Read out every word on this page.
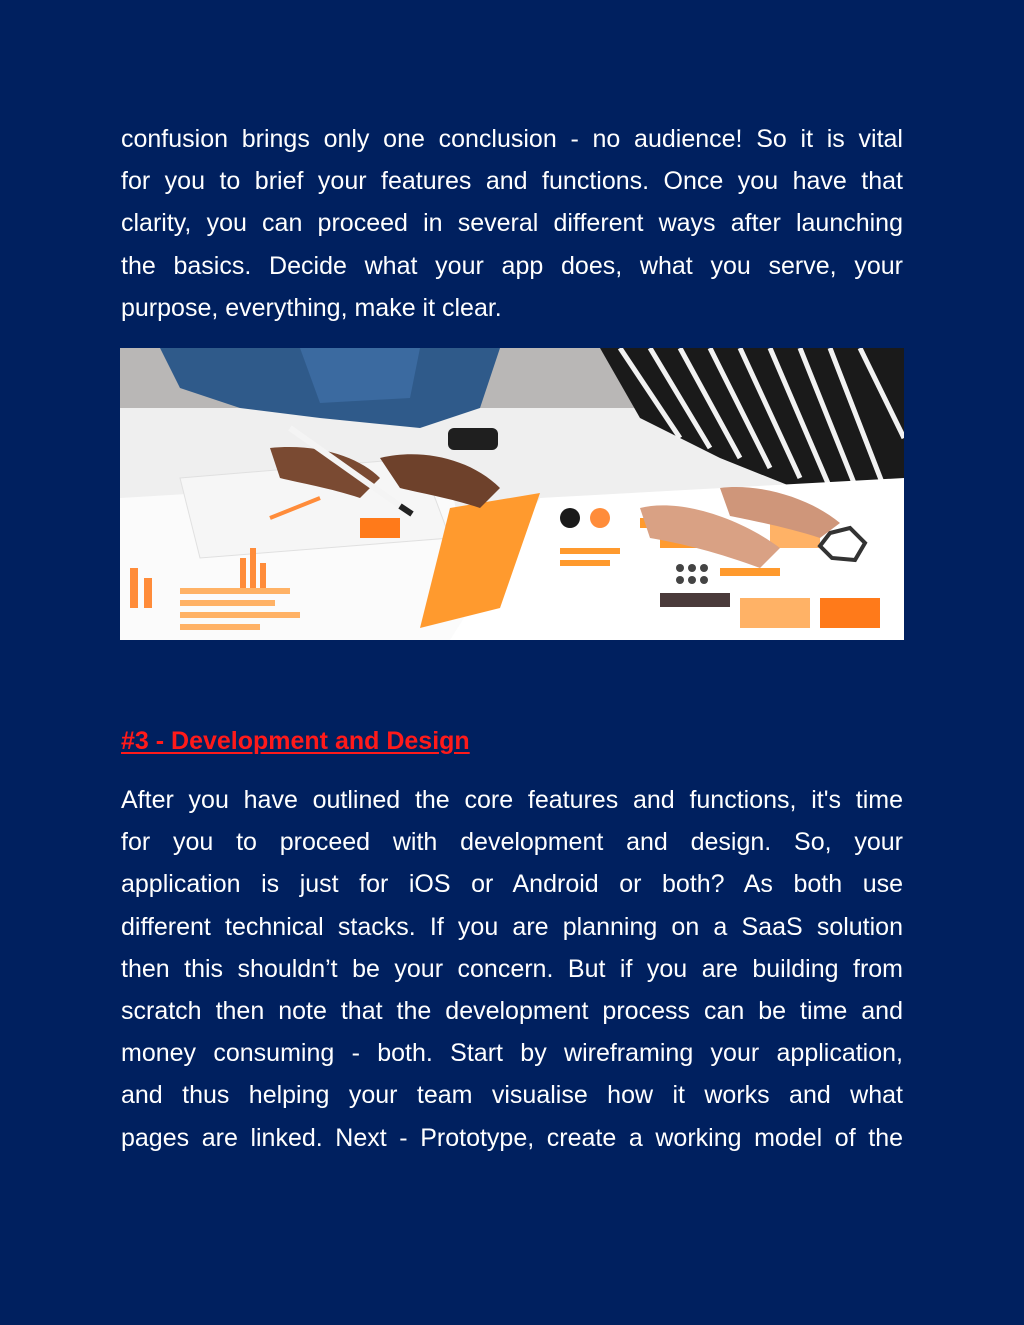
confusion brings only one conclusion - no audience! So it is vital
for you to brief your features and functions. Once you have that
clarity, you can proceed in several different ways after launching
the basics. Decide what your app does, what you serve, your
purpose, everything, make it clear.

#3 - Development and Design

After you have outlined the core features and functions, it's time
for you to proceed with development and design. So, your
application is just for iOS or Android or both? As both use
different technical stacks. If you are planning on a SaaS solution
then this shouldn’t be your concern. But if you are building from
scratch then note that the development process can be time and
money consuming - both. Start by wireframing your application,
and thus helping your team visualise how it works and what
pages are linked. Next - Prototype, create a working model of the
